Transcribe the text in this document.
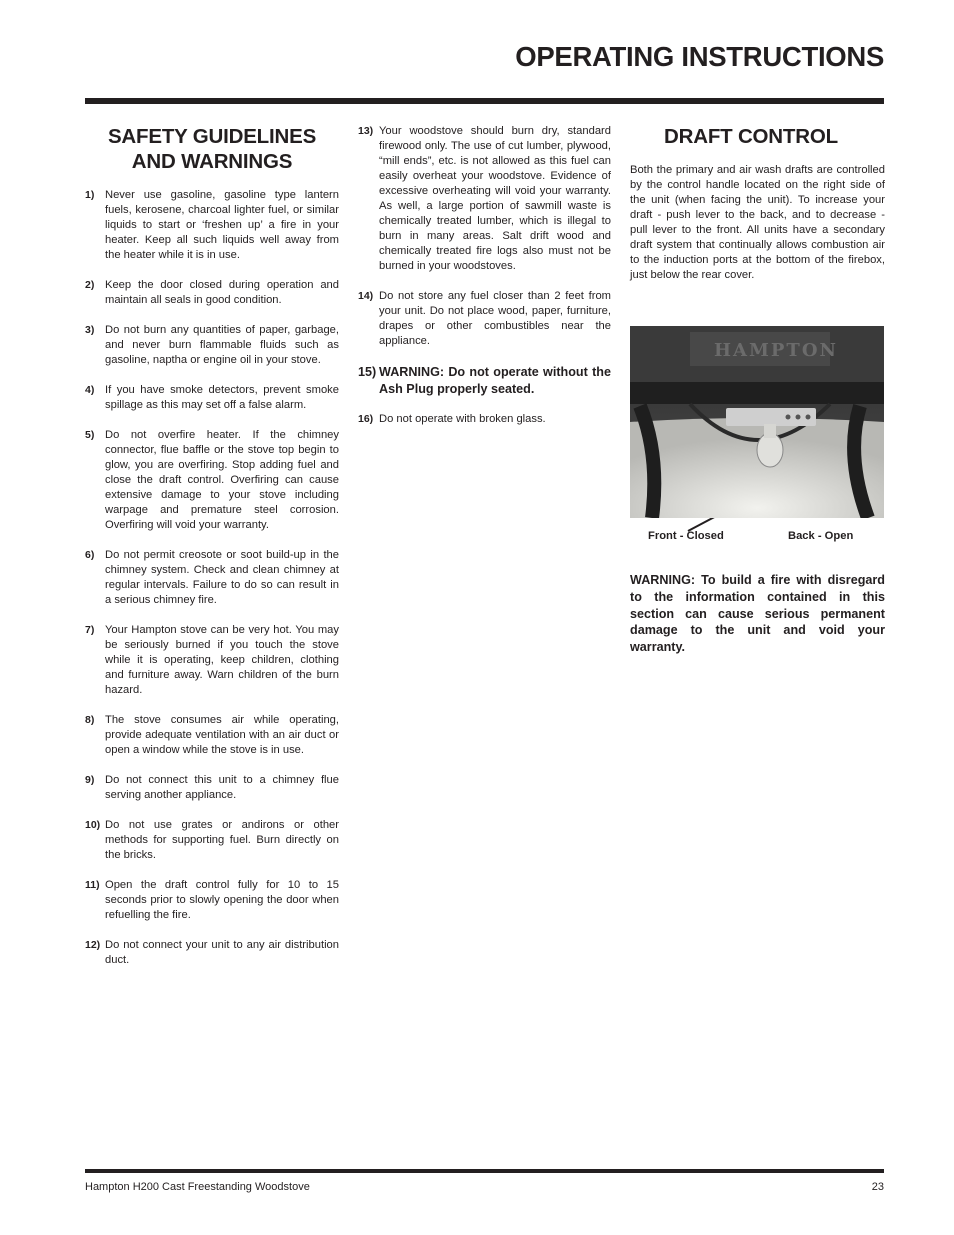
OPERATING INSTRUCTIONS
SAFETY GUIDELINES
AND WARNINGS
1) Never use gasoline, gasoline type lantern fuels, kerosene, charcoal lighter fuel, or similar liquids to start or ‘freshen up’ a fire in your heater. Keep all such liquids well away from the heater while it is in use.
2) Keep the door closed during operation and maintain all seals in good condition.
3) Do not burn any quantities of paper, garbage, and never burn flammable fluids such as gasoline, naptha or engine oil in your stove.
4) If you have smoke detectors, prevent smoke spillage as this may set off a false alarm.
5) Do not overfire heater. If the chimney connector, flue baffle or the stove top begin to glow, you are overfiring. Stop adding fuel and close the draft control. Overfiring can cause extensive damage to your stove including warpage and premature steel corrosion. Overfiring will void your warranty.
6) Do not permit creosote or soot build-up in the chimney system. Check and clean chimney at regular intervals. Failure to do so can result in a serious chimney fire.
7) Your Hampton stove can be very hot. You may be seriously burned if you touch the stove while it is operating, keep children, clothing and furniture away. Warn children of the burn hazard.
8) The stove consumes air while operating, provide adequate ventilation with an air duct or open a window while the stove is in use.
9) Do not connect this unit to a chimney flue serving another appliance.
10) Do not use grates or andirons or other methods for supporting fuel. Burn directly on the bricks.
11) Open the draft control fully for 10 to 15 seconds prior to slowly opening the door when refuelling the fire.
12) Do not connect your unit to any air distribution duct.
13) Your woodstove should burn dry, standard firewood only. The use of cut lumber, plywood, “mill ends”, etc. is not allowed as this fuel can easily overheat your woodstove. Evidence of excessive overheating will void your warranty. As well, a large portion of sawmill waste is chemically treated lumber, which is illegal to burn in many areas. Salt drift wood and chemically treated fire logs also must not be burned in your woodstoves.
14) Do not store any fuel closer than 2 feet from your unit. Do not place wood, paper, furniture, drapes or other combustibles near the appliance.
15) WARNING: Do not operate without the Ash Plug properly seated.
16) Do not operate with broken glass.
DRAFT CONTROL

Both the primary and air wash drafts are controlled by the control handle located on the right side of the unit (when facing the unit). To increase your draft - push lever to the back, and to decrease - pull lever to the front. All units have a secondary draft system that continually allows combustion air to the induction ports at the bottom of the firebox, just below the rear cover.

HAMPTON
Front - Closed	Back - Open

WARNING: To build a fire with disregard to the information contained in this section can cause serious permanent damage to the unit and void your warranty.

Hampton H200 Cast Freestanding Woodstove	23
